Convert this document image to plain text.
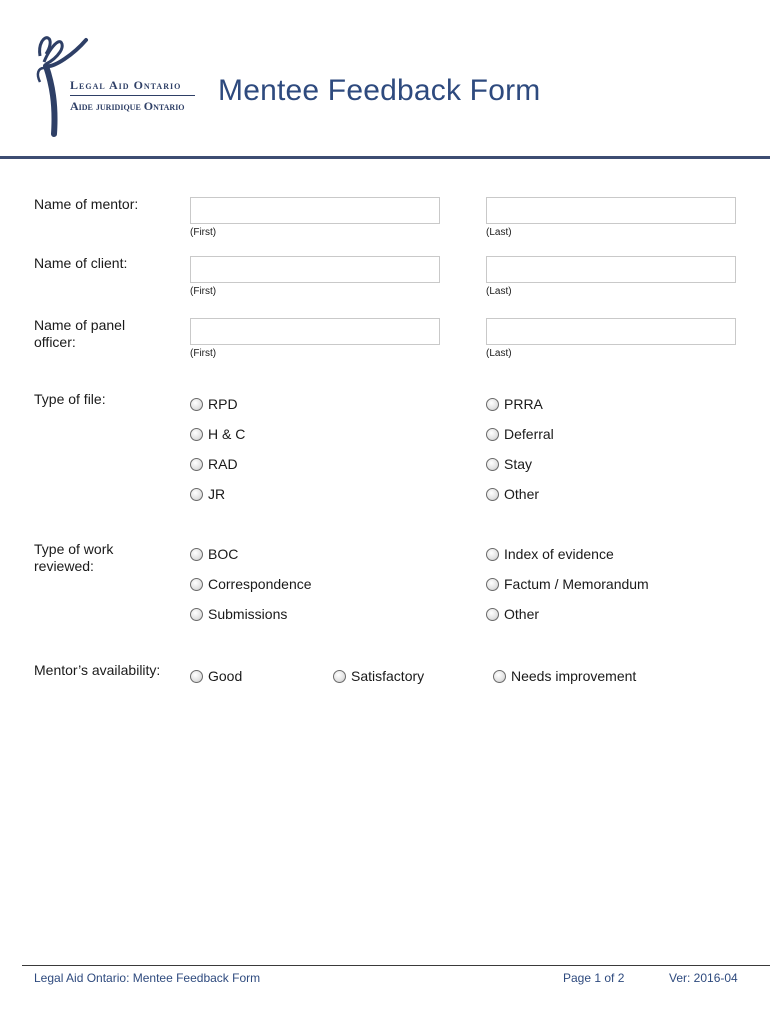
Legal Aid Ontario
Aide juridique Ontario Mentee Feedback Form
Name of mentor:
(First)	(Last)
Name of client:
(First)	(Last)
Name of panel
officer:
(First)	(Last)
Type of file:	RPD	PRRA
H & C	Deferral
RAD	Stay
JR	Other
Type of work
reviewed:
BOC	Index of evidence
Correspondence	Factum / Memorandum
Submissions	Other
Mentor’s availability:	Good	Satisfactory	Needs improvement
Legal Aid Ontario: Mentee Feedback Form	Page 1 of 2	Ver: 2016-04
